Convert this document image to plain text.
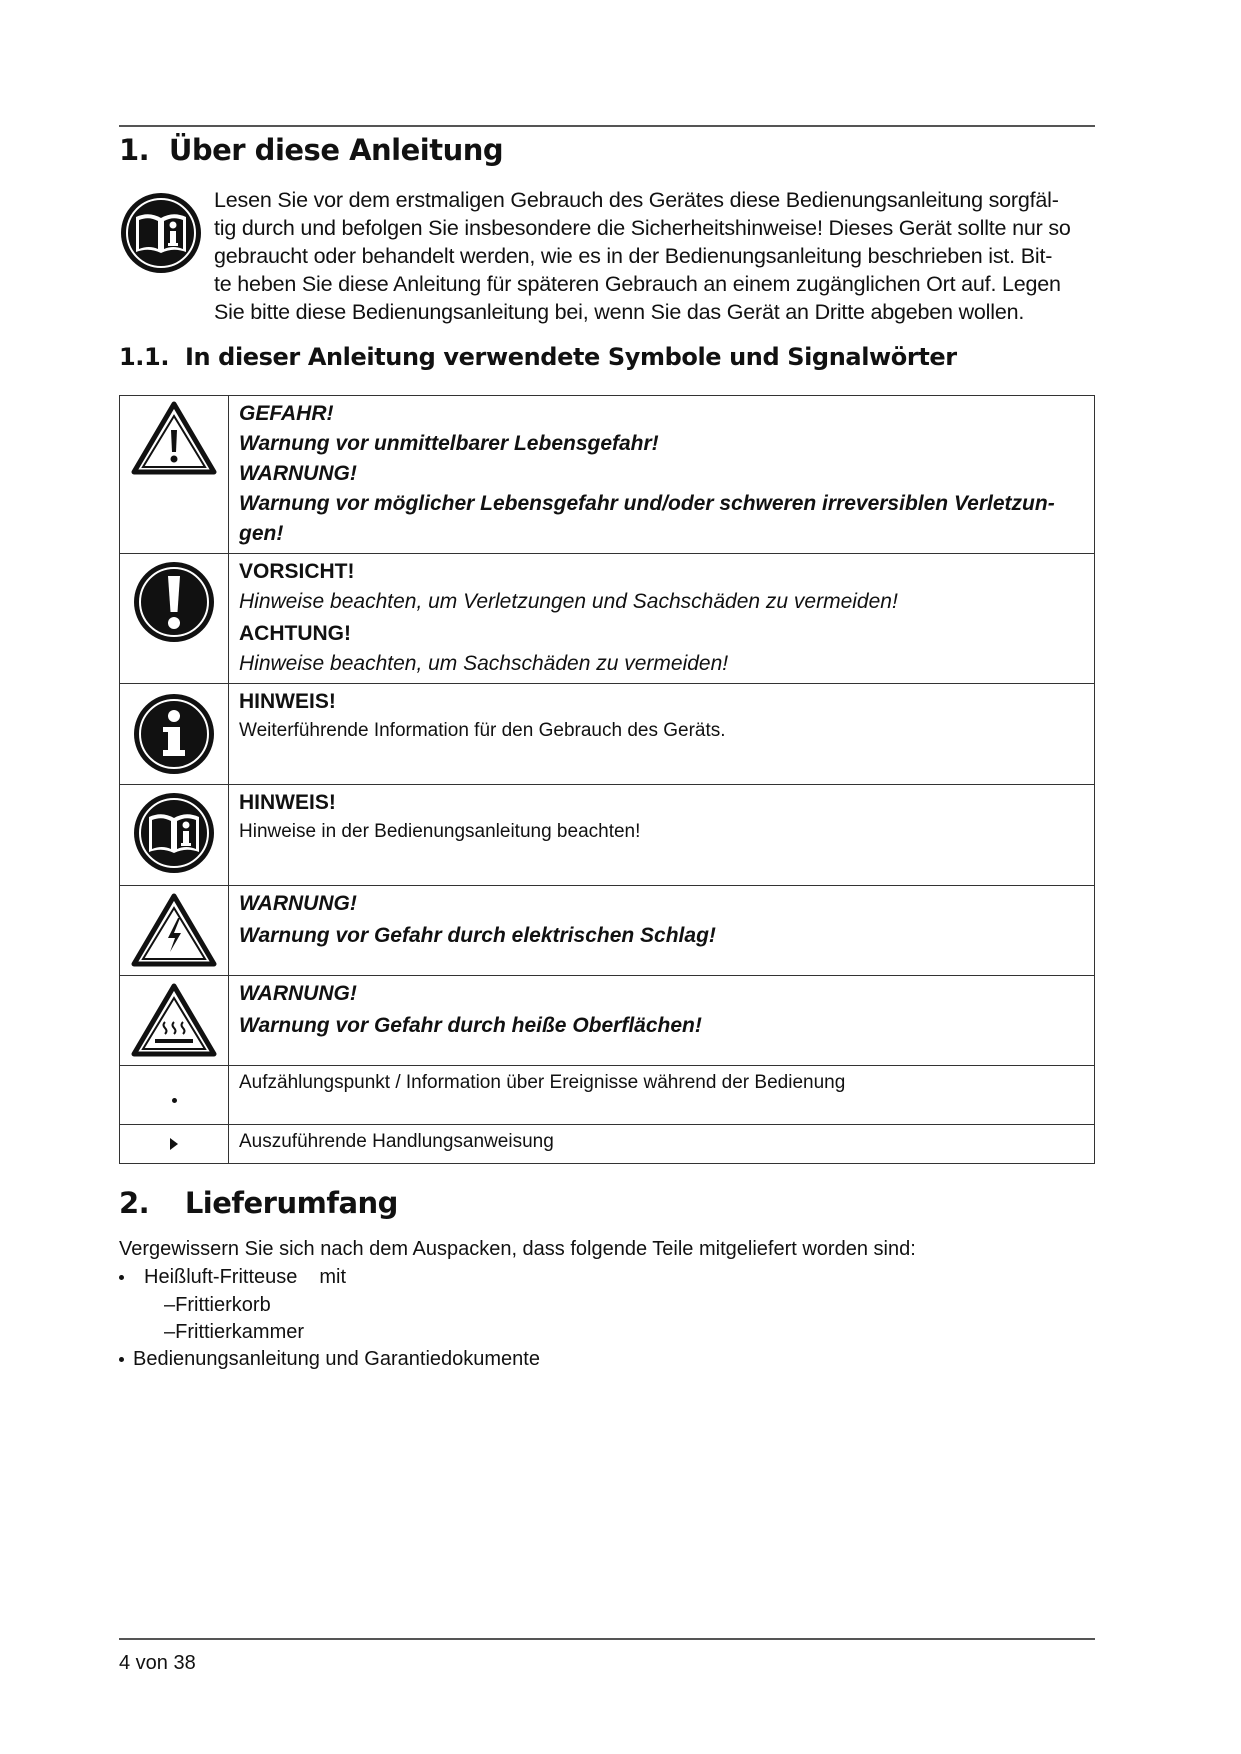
1. Über diese Anleitung
Lesen Sie vor dem erstmaligen Gebrauch des Gerätes diese Bedienungsanleitung sorgfäl-
tig durch und befolgen Sie insbesondere die Sicherheitshinweise! Dieses Gerät sollte nur so
gebraucht oder behandelt werden, wie es in der Bedienungsanleitung beschrieben ist. Bit-
te heben Sie diese Anleitung für späteren Gebrauch an einem zugänglichen Ort auf. Legen
Sie bitte diese Bedienungsanleitung bei, wenn Sie das Gerät an Dritte abgeben wollen.
1.1. In dieser Anleitung verwendete Symbole und Signalwörter

GEFAHR!
Warnung vor unmittelbarer Lebensgefahr!
WARNUNG!
Warnung vor möglicher Lebensgefahr und/oder schweren irreversiblen Verletzun-
gen!

VORSICHT!
Hinweise beachten, um Verletzungen und Sachschäden zu vermeiden!
ACHTUNG!
Hinweise beachten, um Sachschäden zu vermeiden!

HINWEIS!
Weiterführende Information für den Gebrauch des Geräts.

HINWEIS!
Hinweise in der Bedienungsanleitung beachten!

WARNUNG!
Warnung vor Gefahr durch elektrischen Schlag!

WARNUNG!
Warnung vor Gefahr durch heiße Oberflächen!

	Aufzählungspunkt / Information über Ereignisse während der Bedienung

Auszuführende Handlungsanweisung
2. Lieferumfang
Vergewissern Sie sich nach dem Auspacken, dass folgende Teile mitgeliefert worden sind:
Heißluft-Fritteuse mit
–Frittierkorb
–Frittierkammer
Bedienungsanleitung und Garantiedokumente
4 von 38
